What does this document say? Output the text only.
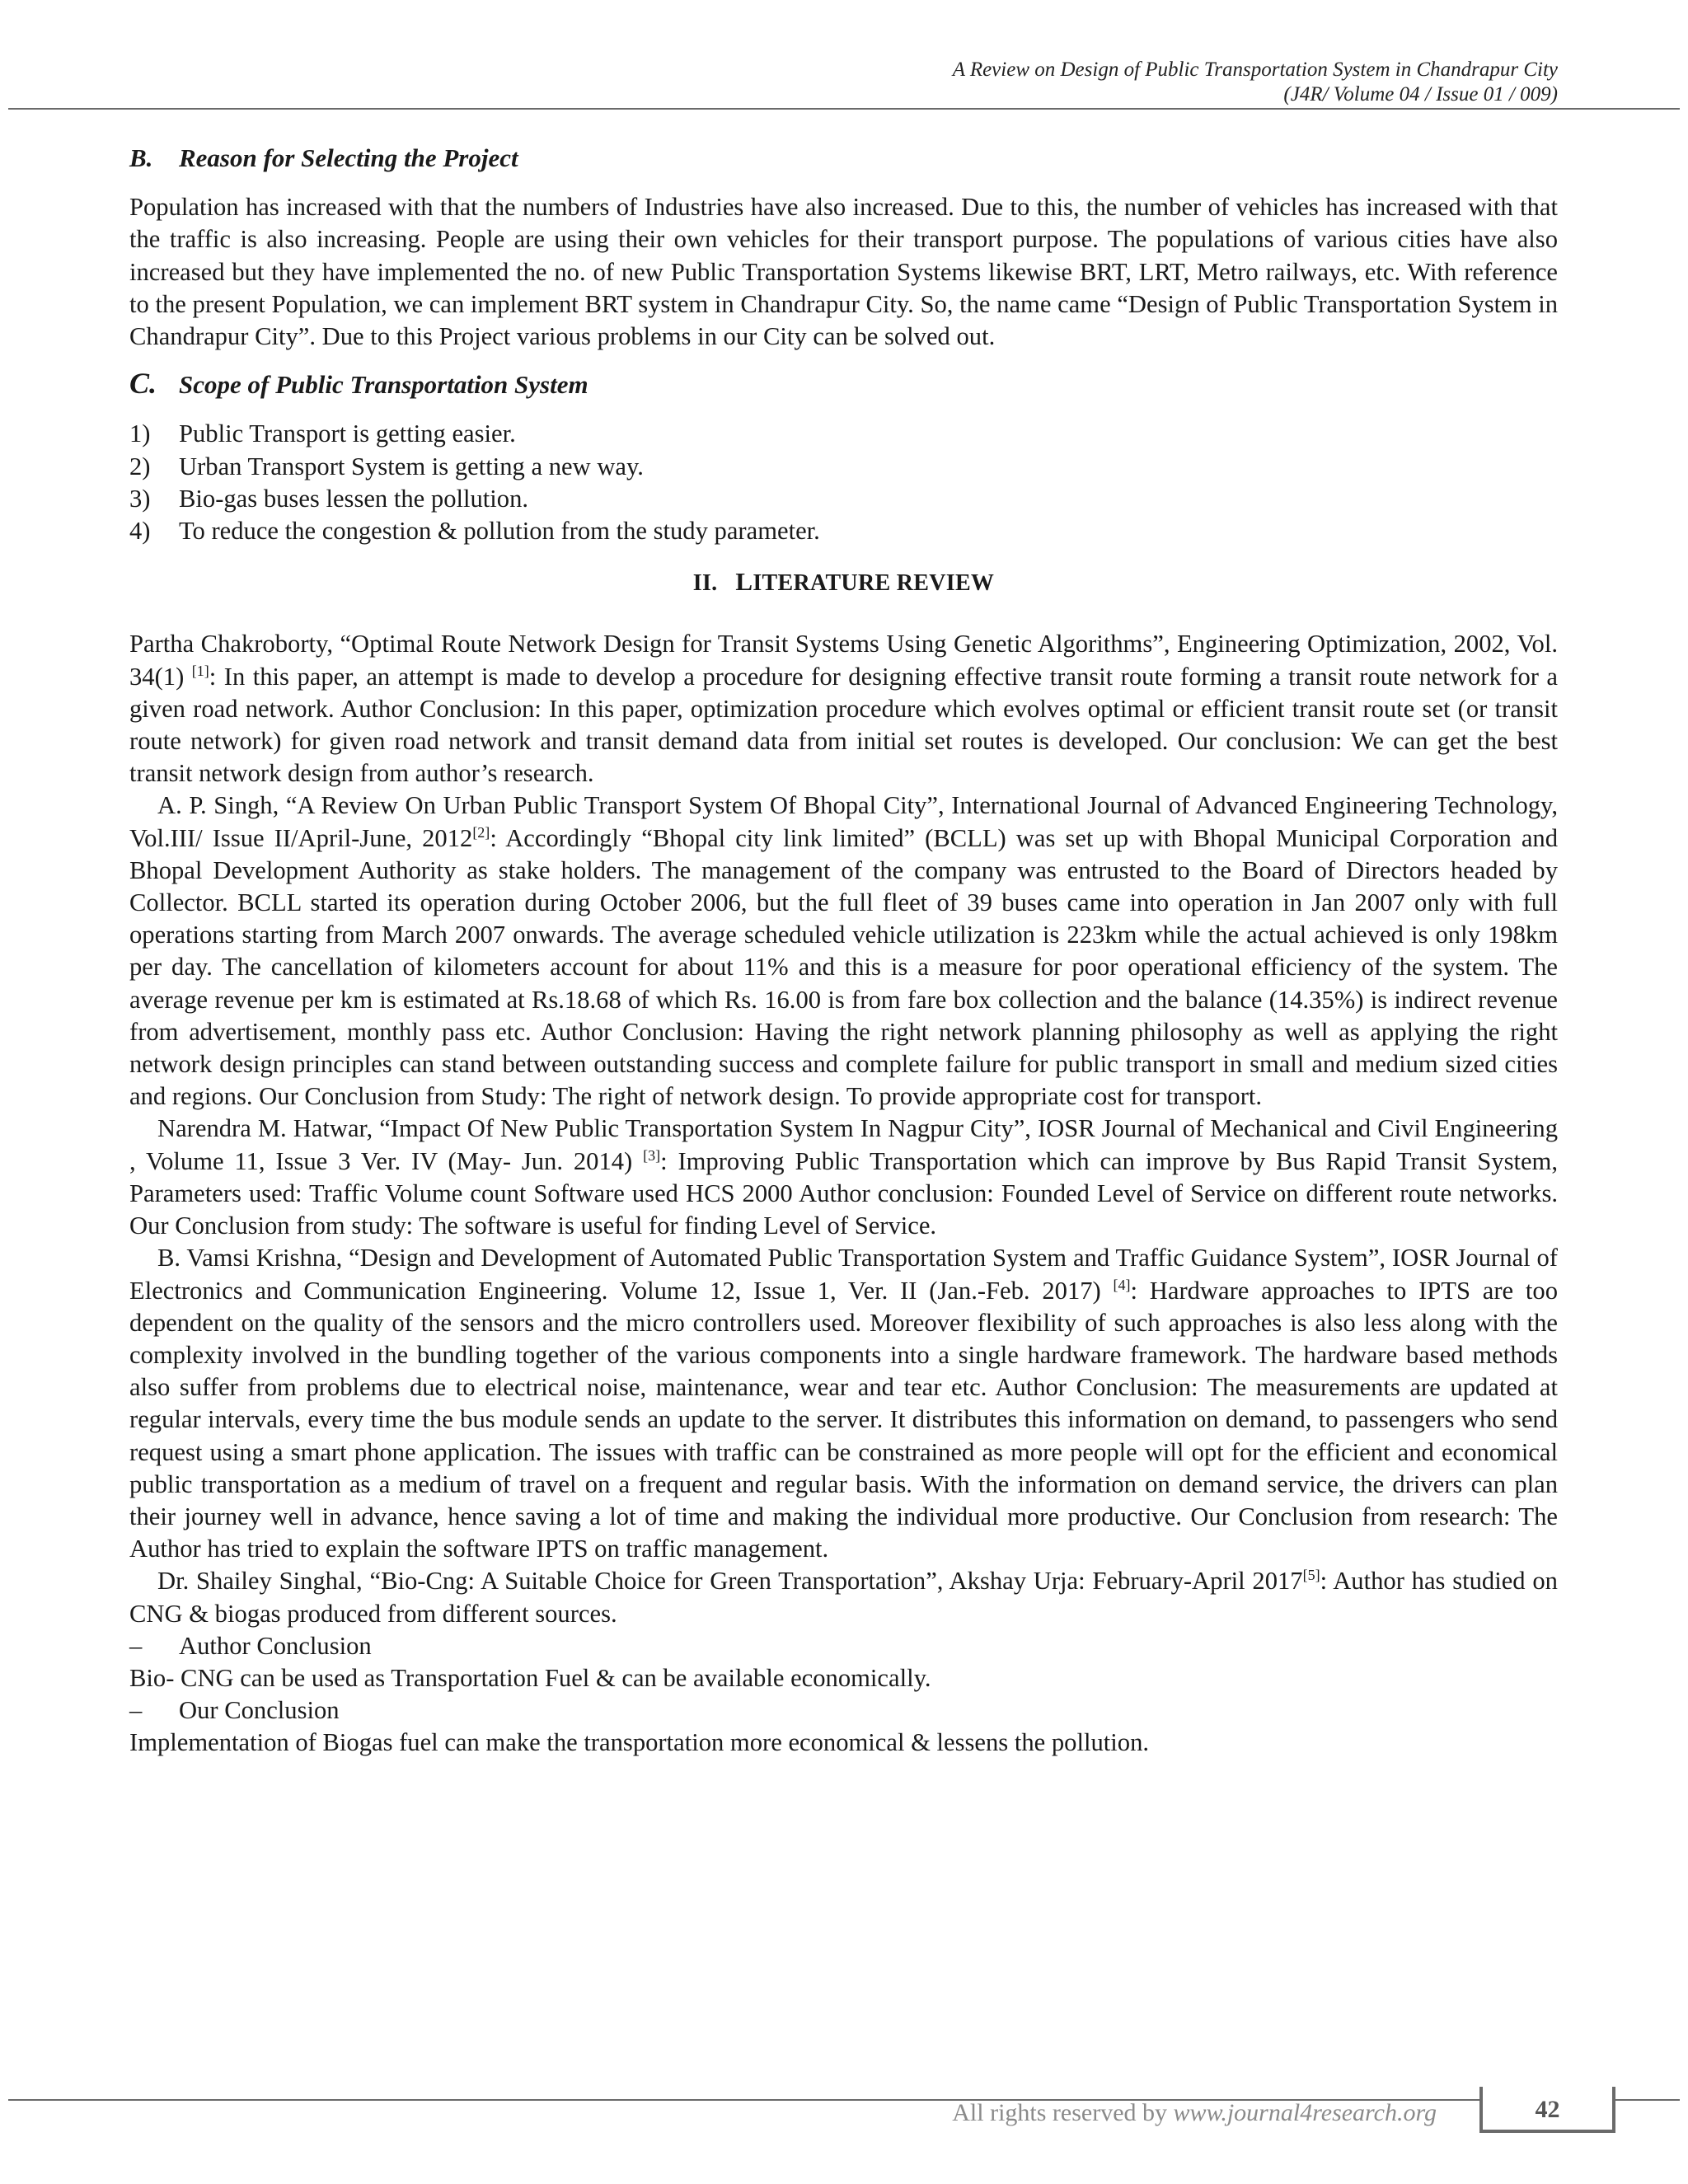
A Review on Design of Public Transportation System in Chandrapur City
(J4R/ Volume 04 / Issue 01 / 009)
B. Reason for Selecting the Project

Population has increased with that the numbers of Industries have also increased. Due to this, the number of vehicles has increased with that the traffic is also increasing. People are using their own vehicles for their transport purpose. The populations of various cities have also increased but they have implemented the no. of new Public Transportation Systems likewise BRT, LRT, Metro railways, etc. With reference to the present Population, we can implement BRT system in Chandrapur City. So, the name came “Design of Public Transportation System in Chandrapur City”. Due to this Project various problems in our City can be solved out.

C. Scope of Public Transportation System
1)	Public Transport is getting easier.
2)	Urban Transport System is getting a new way.
3)	Bio-gas buses lessen the pollution.
4)	To reduce the congestion & pollution from the study parameter.
II. LITERATURE REVIEW

Partha Chakroborty, “Optimal Route Network Design for Transit Systems Using Genetic Algorithms”, Engineering Optimization, 2002, Vol. 34(1) [1]: In this paper, an attempt is made to develop a procedure for designing effective transit route forming a transit route network for a given road network. Author Conclusion: In this paper, optimization procedure which evolves optimal or efficient transit route set (or transit route network) for given road network and transit demand data from initial set routes is developed. Our conclusion: We can get the best transit network design from author’s research.

A. P. Singh, “A Review On Urban Public Transport System Of Bhopal City”, International Journal of Advanced Engineering Technology, Vol.III/ Issue II/April-June, 2012[2]: Accordingly “Bhopal city link limited” (BCLL) was set up with Bhopal Municipal Corporation and Bhopal Development Authority as stake holders. The management of the company was entrusted to the Board of Directors headed by Collector. BCLL started its operation during October 2006, but the full fleet of 39 buses came into operation in Jan 2007 only with full operations starting from March 2007 onwards. The average scheduled vehicle utilization is 223km while the actual achieved is only 198km per day. The cancellation of kilometers account for about 11% and this is a measure for poor operational efficiency of the system. The average revenue per km is estimated at Rs.18.68 of which Rs. 16.00 is from fare box collection and the balance (14.35%) is indirect revenue from advertisement, monthly pass etc. Author Conclusion: Having the right network planning philosophy as well as applying the right network design principles can stand between outstanding success and complete failure for public transport in small and medium sized cities and regions. Our Conclusion from Study: The right of network design. To provide appropriate cost for transport.

Narendra M. Hatwar, “Impact Of New Public Transportation System In Nagpur City”, IOSR Journal of Mechanical and Civil Engineering , Volume 11, Issue 3 Ver. IV (May- Jun. 2014) [3]: Improving Public Transportation which can improve by Bus Rapid Transit System, Parameters used: Traffic Volume count Software used HCS 2000 Author conclusion: Founded Level of Service on different route networks. Our Conclusion from study: The software is useful for finding Level of Service.

B. Vamsi Krishna, “Design and Development of Automated Public Transportation System and Traffic Guidance System”, IOSR Journal of Electronics and Communication Engineering. Volume 12, Issue 1, Ver. II (Jan.-Feb. 2017) [4]: Hardware approaches to IPTS are too dependent on the quality of the sensors and the micro controllers used. Moreover flexibility of such approaches is also less along with the complexity involved in the bundling together of the various components into a single hardware framework. The hardware based methods also suffer from problems due to electrical noise, maintenance, wear and tear etc. Author Conclusion: The measurements are updated at regular intervals, every time the bus module sends an update to the server. It distributes this information on demand, to passengers who send request using a smart phone application. The issues with traffic can be constrained as more people will opt for the efficient and economical public transportation as a medium of travel on a frequent and regular basis. With the information on demand service, the drivers can plan their journey well in advance, hence saving a lot of time and making the individual more productive. Our Conclusion from research: The Author has tried to explain the software IPTS on traffic management.

Dr. Shailey Singhal, “Bio-Cng: A Suitable Choice for Green Transportation”, Akshay Urja: February-April 2017[5]: Author has studied on CNG & biogas produced from different sources.

–	Author Conclusion

Bio- CNG can be used as Transportation Fuel & can be available economically.

–	Our Conclusion

Implementation of Biogas fuel can make the transportation more economical & lessens the pollution.

All rights reserved by www.journal4research.org	42
